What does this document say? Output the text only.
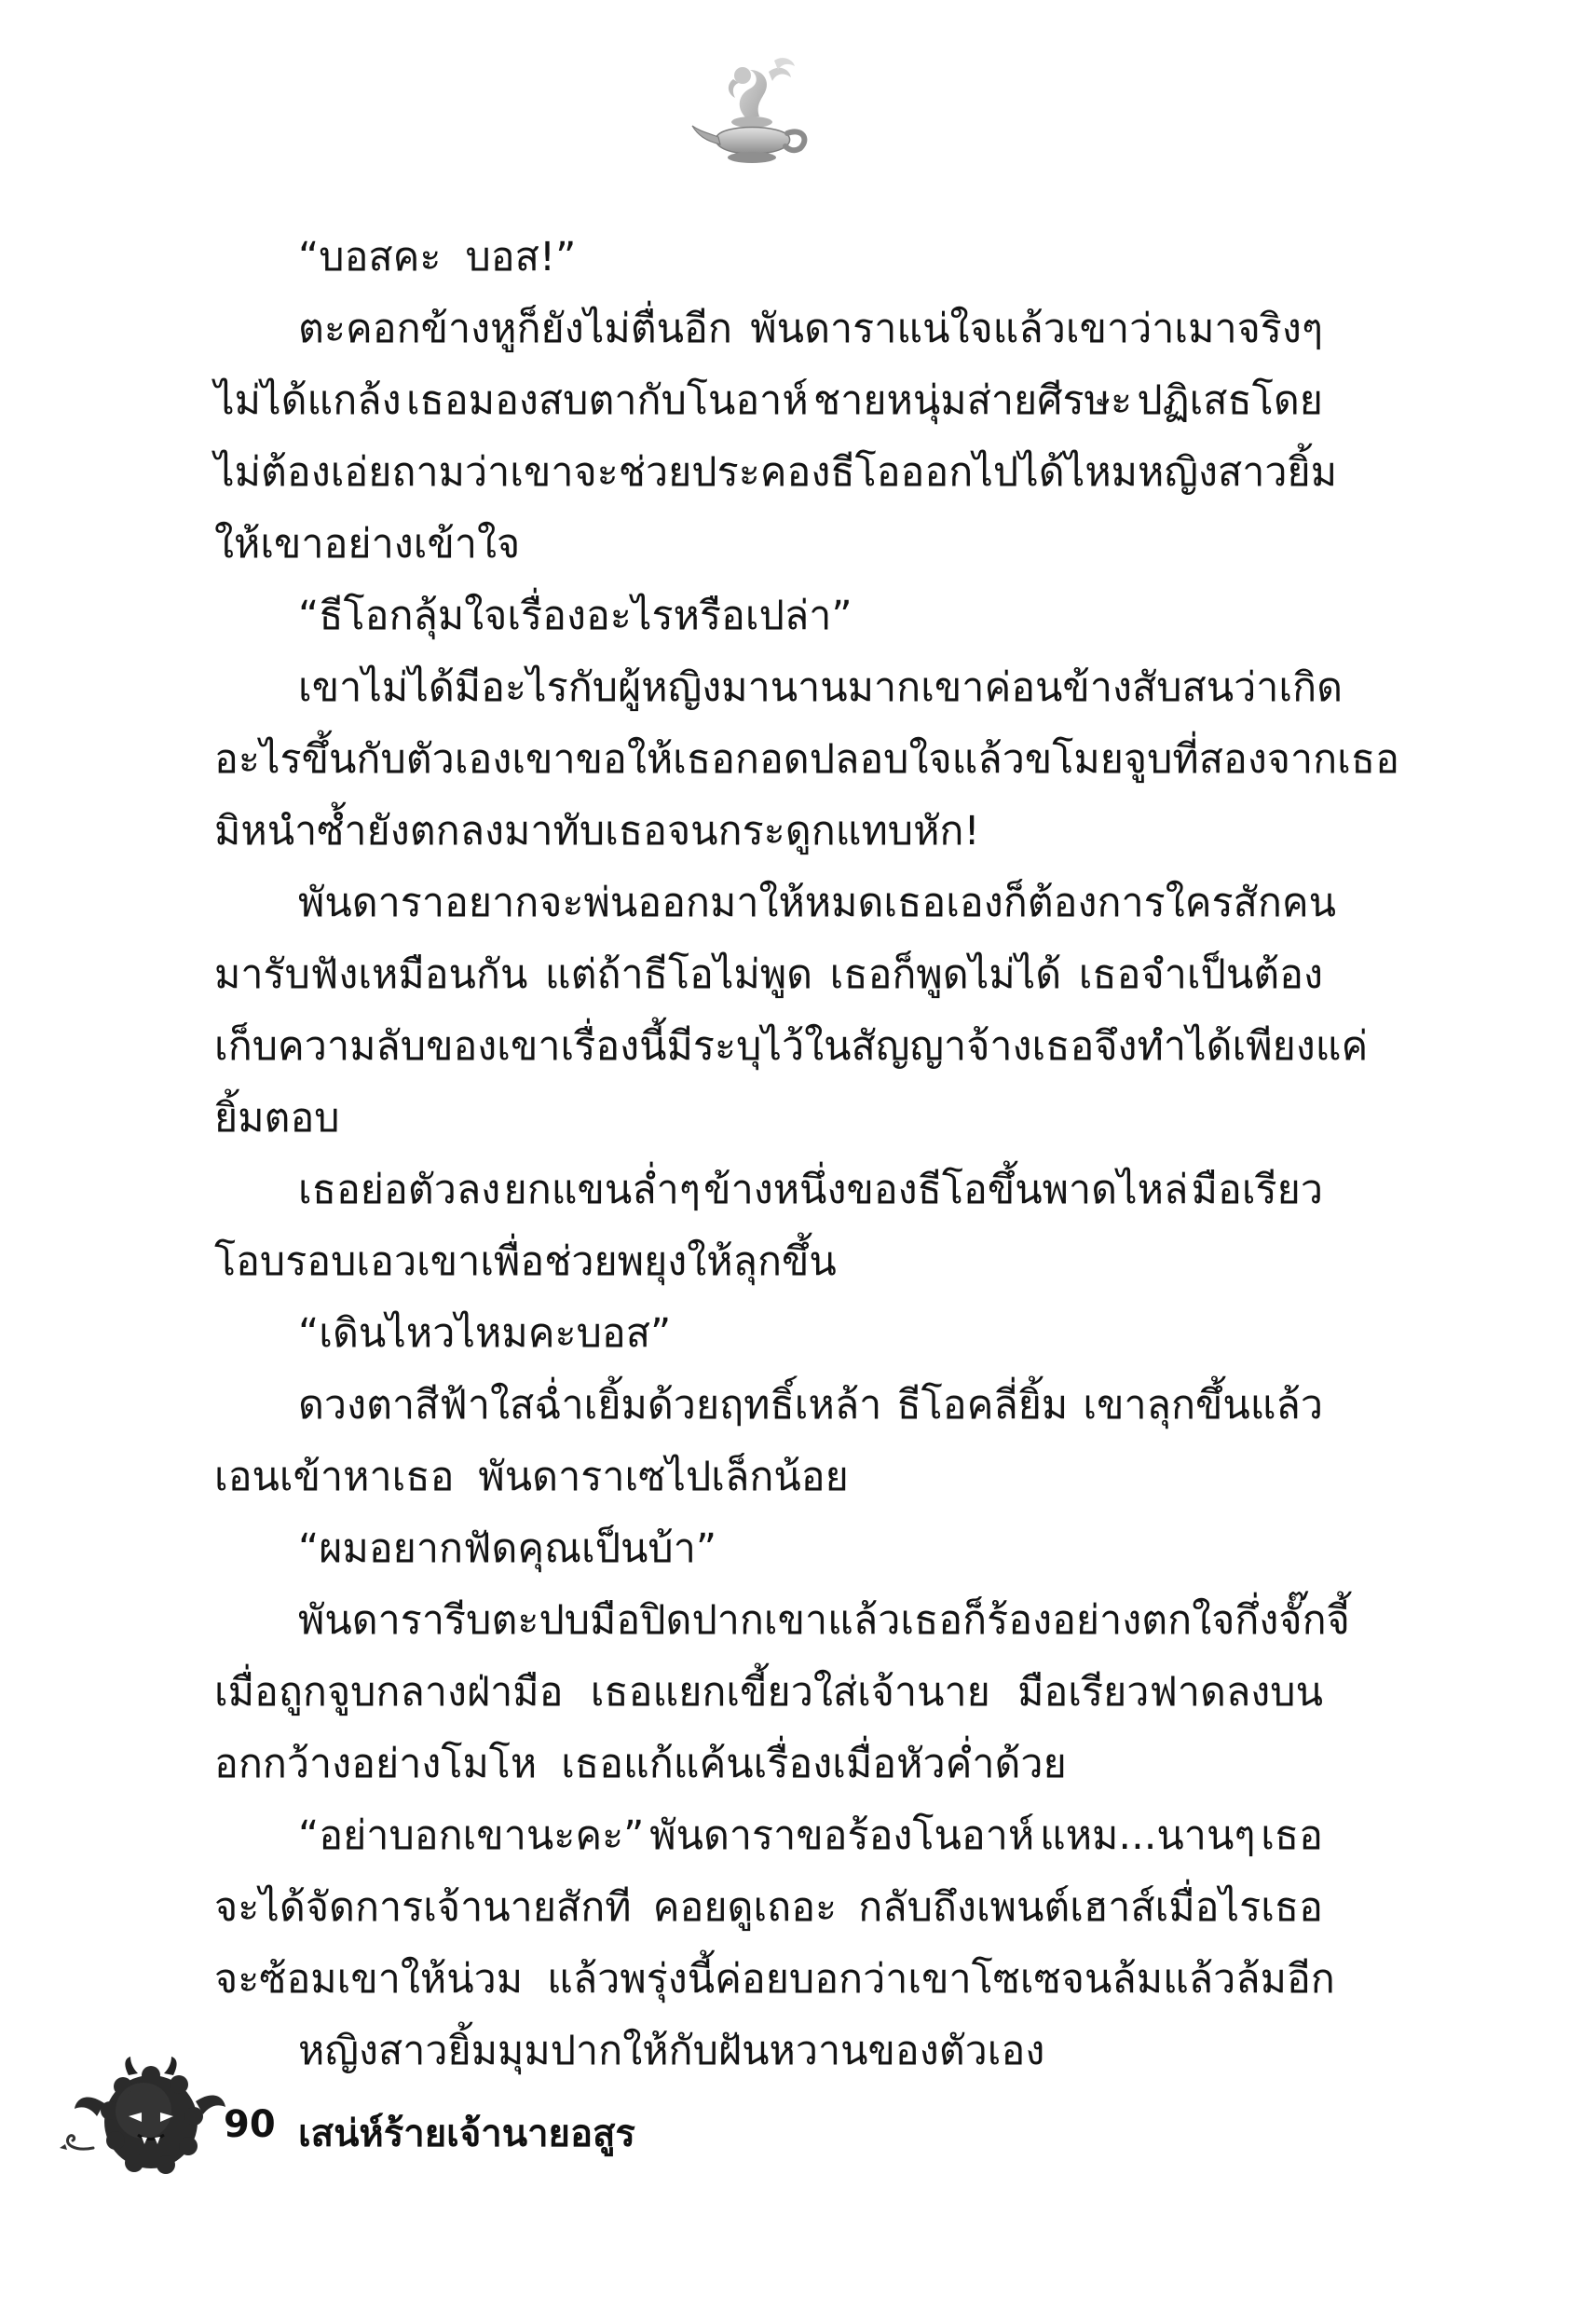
“บอสคะ บอส!”
ตะคอกข้างหูก็ยังไม่ตื่นอีก พันดาราแน่ใจแล้วเขาว่าเมาจริงๆ
ไม่ได้แกล้ง เธอมองสบตากับโนอาห์ ชายหนุ่มส่ายศีรษะ ปฏิเสธโดย
ไม่ต้องเอ่ยถามว่าเขาจะช่วยประคองธีโอออกไปได้ไหม หญิงสาวยิ้ม
ให้เขาอย่างเข้าใจ
“ธีโอกลุ้มใจเรื่องอะไรหรือเปล่า”
เขาไม่ได้มีอะไรกับผู้หญิงมานานมาก เขาค่อนข้างสับสนว่าเกิด
อะไรขึ้นกับตัวเอง เขาขอให้เธอกอดปลอบใจแล้วขโมยจูบที่สองจากเธอ
มิหนำซ้ำยังตกลงมาทับเธอจนกระดูกแทบหัก!
พันดาราอยากจะพ่นออกมาให้หมด เธอเองก็ต้องการใครสักคน
มารับฟังเหมือนกัน แต่ถ้าธีโอไม่พูด เธอก็พูดไม่ได้ เธอจำเป็นต้อง
เก็บความลับของเขา เรื่องนี้มีระบุไว้ในสัญญาจ้าง เธอจึงทำได้เพียงแค่
ยิ้มตอบ
เธอย่อตัวลง ยกแขนล่ำๆ ข้างหนึ่งของธีโอขึ้นพาดไหล่ มือเรียว
โอบรอบเอวเขาเพื่อช่วยพยุงให้ลุกขึ้น
“เดินไหวไหมคะบอส”
ดวงตาสีฟ้าใสฉ่ำเยิ้มด้วยฤทธิ์เหล้า ธีโอคลี่ยิ้ม เขาลุกขึ้นแล้ว
เอนเข้าหาเธอ พันดาราเซไปเล็กน้อย
“ผมอยากฟัดคุณเป็นบ้า”
พันดารารีบตะปบมือปิดปากเขา แล้วเธอก็ร้องอย่างตกใจกึ่งจั๊กจี้
เมื่อถูกจูบกลางฝ่ามือ เธอแยกเขี้ยวใส่เจ้านาย มือเรียวฟาดลงบน
อกกว้างอย่างโมโห เธอแก้แค้นเรื่องเมื่อหัวค่ำด้วย
“อย่าบอกเขานะคะ” พันดาราขอร้องโนอาห์ แหม...นานๆ เธอ
จะได้จัดการเจ้านายสักที คอยดูเถอะ กลับถึงเพนต์เฮาส์เมื่อไรเธอ
จะซ้อมเขาให้น่วม แล้วพรุ่งนี้ค่อยบอกว่าเขาโซเซจนล้มแล้วล้มอีก
หญิงสาวยิ้มมุมปากให้กับฝันหวานของตัวเอง
90 เสน่ห์ร้ายเจ้านายอสูร
